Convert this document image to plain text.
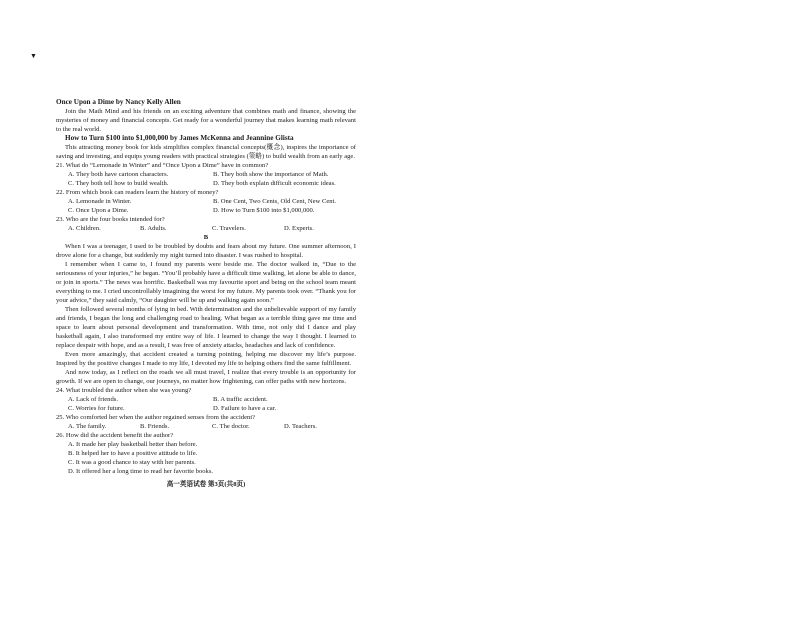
▼
Once Upon a Dime by Nancy Kelly Allen
Join the Math Mind and his friends on an exciting adventure that combines math and finance, showing the mysteries of money and financial concepts. Get ready for a wonderful journey that makes learning math relevant to the real world.
How to Turn $100 into $1,000,000 by James McKenna and Jeannine Glista
This attracting money book for kids simplifies complex financial concepts(概念), inspires the importance of saving and investing, and equips young readers with practical strategies (策略) to build wealth from an early age.
21. What do “Lemonade in Winter” and “Once Upon a Dime” have in common?
A. They both have cartoon characters.	B. They both show the importance of Math.
C. They both tell how to build wealth.	D. They both explain difficult economic ideas.
22. From which book can readers learn the history of money?
A. Lemonade in Winter.	B. One Cent, Two Cents, Old Cent, New Cent.
C. Once Upon a Dime.	D. How to Turn $100 into $1,000,000.
23. Who are the four books intended for?
A. Children.	B. Adults.	C. Travelers.	D. Experts.
B
When I was a teenager, I used to be troubled by doubts and fears about my future. One summer afternoon, I drove alone for a change, but suddenly my night turned into disaster. I was rushed to hospital.
I remember when I came to, I found my parents were beside me. The doctor walked in, “Due to the seriousness of your injuries,” he began. “You’ll probably have a difficult time walking, let alone be able to dance, or join in sports.” The news was horrific. Basketball was my favourite sport and being on the school team meant everything to me. I cried uncontrollably imagining the worst for my future. My parents took over. “Thank you for your advice,” they said calmly, “Our daughter will be up and walking again soon.”
Then followed several months of lying in bed. With determination and the unbelievable support of my family and friends, I began the long and challenging road to healing. What began as a terrible thing gave me time and space to learn about personal development and transformation. With time, not only did I dance and play basketball again, I also transformed my entire way of life. I learned to change the way I thought. I learned to replace despair with hope, and as a result, I was free of anxiety attacks, headaches and lack of confidence.
Even more amazingly, that accident created a turning pointing, helping me discover my life’s purpose. Inspired by the positive changes I made to my life, I devoted my life to helping others find the same fulfillment.
And now today, as I reflect on the roads we all must travel, I realize that every trouble is an opportunity for growth. If we are open to change, our journeys, no matter how frightening, can offer paths with new horizons.
24. What troubled the author when she was young?
A. Lack of friends.	B. A traffic accident.
C. Worries for future.	D. Failure to have a car.
25. Who comforted her when the author regained senses from the accident?
A. The family.	B. Friends.	C. The doctor.	D. Teachers.
26. How did the accident benefit the author?
A. It made her play basketball better than before.
B. It helped her to have a positive attitude to life.
C. It was a good chance to stay with her parents.
D. It offered her a long time to read her favorite books.
高一英语试卷 第3页(共8页)
